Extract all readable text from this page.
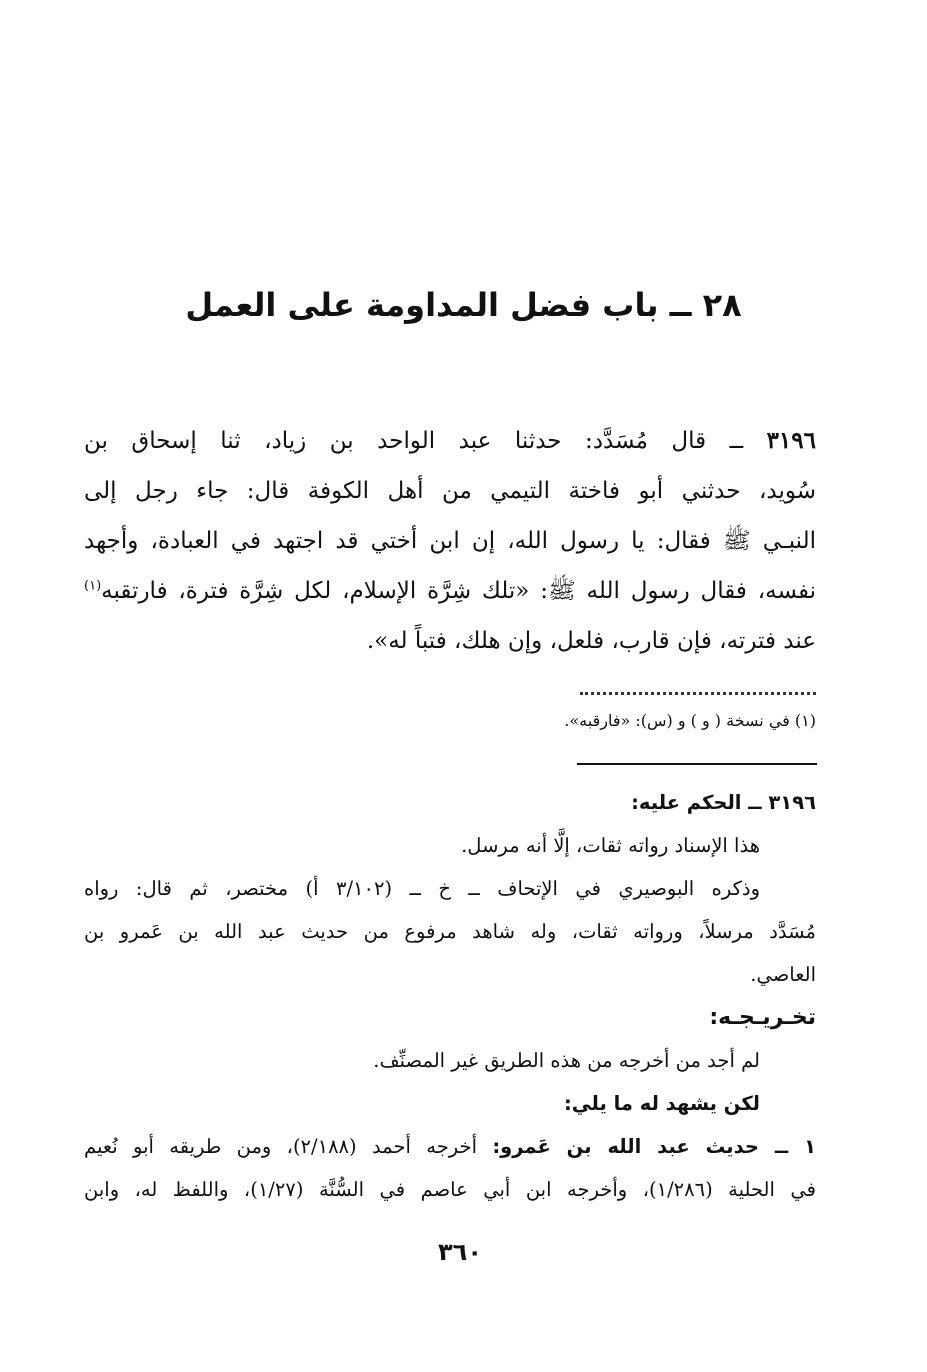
٢٨ ــ باب فضل المداومة على العمل
٣١٩٦ ــ قال مُسَدَّد: حدثنا عبد الواحد بن زياد، ثنا إسحاق بن
سُويد، حدثني أبو فاختة التيمي من أهل الكوفة قال: جاء رجل إلى
النبـي ﷺ فقال: يا رسول الله، إن ابن أختي قد اجتهد في العبادة، وأجهد
نفسه، فقال رسول الله ﷺ: «تلك شِرَّة الإسلام، لكل شِرَّة فترة، فارتقبه$^{(١)}$
عند فترته، فإن قارب، فلعل، وإن هلك، فتباً له».
(١) في نسخة ( و ) و (س): «فارقبه».
٣١٩٦ ــ الحكم عليه:
هذا الإسناد رواته ثقات، إلَّا أنه مرسل.
وذكره البوصيري في الإتحاف ــ خ ــ (٣/١٠٢ أ) مختصر، ثم قال: رواه
مُسَدَّد مرسلاً، ورواته ثقات، وله شاهد مرفوع من حديث عبد الله بن عَمرو بن
العاصي.
تخـريـجـه:
لم أجد من أخرجه من هذه الطريق غير المصنِّف.
لكن يشهد له ما يلي:
١ ــ حديث عبد الله بن عَمرو: أخرجه أحمد (٢/١٨٨)، ومن طريقه أبو نُعيم
في الحلية (١/٢٨٦)، وأخرجه ابن أبي عاصم في السُّنَّة (١/٢٧)، واللفظ له، وابن
٣٦٠
